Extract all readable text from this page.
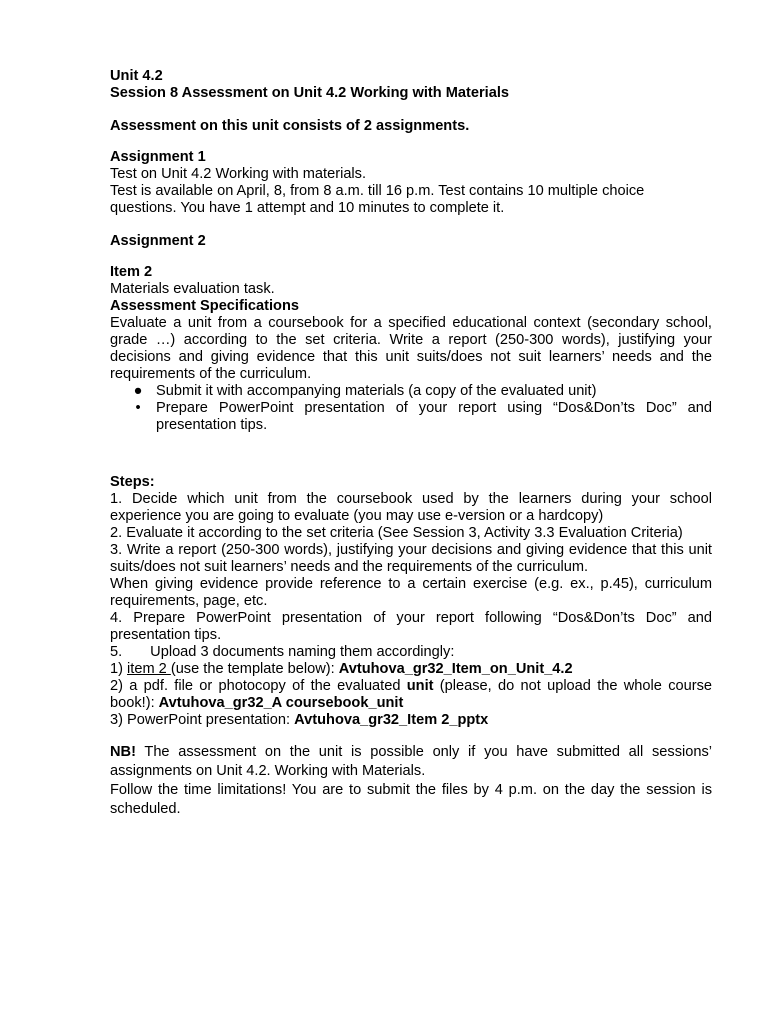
Unit 4.2

Session 8 Assessment on Unit 4.2 Working with Materials

Assessment on this unit consists of 2 assignments.

Assignment 1

Test on Unit 4.2 Working with materials.

Test is available on April, 8, from 8 a.m. till 16 p.m. Test contains 10 multiple choice questions. You have 1 attempt and 10 minutes to complete it.

Assignment 2

Item 2

Materials evaluation task.

Assessment Specifications

Evaluate a unit from a coursebook for a specified educational context (secondary school, grade …) according to the set criteria. Write a report (250-300 words), justifying your decisions and giving evidence that this unit suits/does not suit learners’ needs and the requirements of the curriculum.

● Submit it with accompanying materials (a copy of the evaluated unit)
• Prepare PowerPoint presentation of your report using “Dos&Don’ts Doc” and presentation tips.

Steps:

1. Decide which unit from the coursebook used by the learners during your school experience you are going to evaluate (you may use e-version or a hardcopy)

2. Evaluate it according to the set criteria (See Session 3, Activity 3.3 Evaluation Criteria)

3. Write a report (250-300 words), justifying your decisions and giving evidence that this unit suits/does not suit learners’ needs and the requirements of the curriculum.

When giving evidence provide reference to a certain exercise (e.g. ex., p.45), curriculum requirements, page, etc.

4. Prepare PowerPoint presentation of your report following “Dos&Don’ts Doc” and presentation tips.

5. Upload 3 documents naming them accordingly:

1) item 2 (use the template below): Avtuhova_gr32_Item_on_Unit_4.2

2) a pdf. file or photocopy of the evaluated unit (please, do not upload the whole course book!): Avtuhova_gr32_A coursebook_unit

3) PowerPoint presentation: Avtuhova_gr32_Item 2_pptx

NB! The assessment on the unit is possible only if you have submitted all sessions’ assignments on Unit 4.2. Working with Materials.

Follow the time limitations! You are to submit the files by 4 p.m. on the day the session is scheduled.
